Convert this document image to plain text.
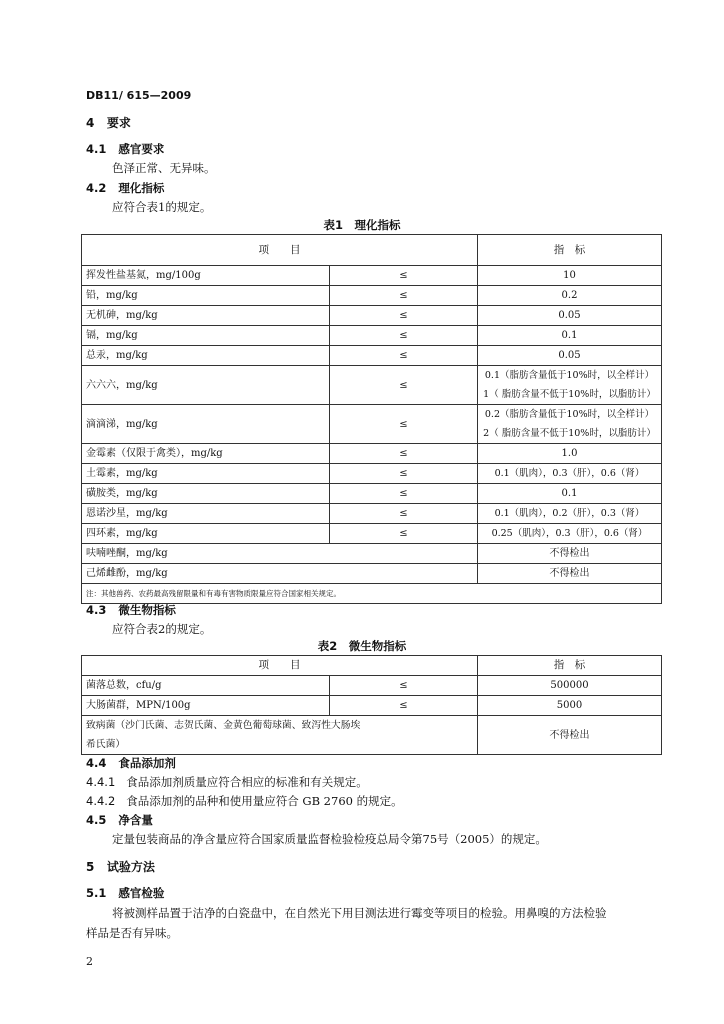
DB11/ 615—2009
4 要求
4.1 感官要求
色泽正常、无异味。
4.2 理化指标
应符合表1的规定。
表1　理化指标
项　　目		指　标
挥发性盐基氮，mg/100g	≤	10
铅，mg/kg	≤	0.2
无机砷，mg/kg	≤	0.05
镉，mg/kg	≤	0.1
总汞，mg/kg	≤	0.05
六六六，mg/kg	≤	0.1（脂肪含量低于10%时，以全样计）
1（ 脂肪含量不低于10%时，以脂肪计）

滴滴涕，mg/kg	≤	0.2（脂肪含量低于10%时，以全样计）
2（ 脂肪含量不低于10%时，以脂肪计）

金霉素（仅限于禽类），mg/kg	≤	1.0
土霉素，mg/kg	≤	0.1（肌肉），0.3（肝），0.6（肾）
磺胺类，mg/kg	≤	0.1
恩诺沙星，mg/kg	≤	0.1（肌肉），0.2（肝），0.3（肾）
四环素，mg/kg	≤	0.25（肌肉），0.3（肝），0.6（肾）
呋喃唑酮，mg/kg		不得检出
己烯雌酚，mg/kg		不得检出
注：其他兽药、农药最高残留限量和有毒有害物质限量应符合国家相关规定。		
4.3 微生物指标
应符合表2的规定。
表2　微生物指标
项　　目		指　标
菌落总数，cfu/g	≤	500000
大肠菌群，MPN/100g	≤	5000

致病菌（沙门氏菌、志贺氏菌、金黄色葡萄球菌、致泻性大肠埃
希氏菌）		不得检出
4.4 食品添加剂
4.4.1 食品添加剂质量应符合相应的标准和有关规定。
4.4.2 食品添加剂的品种和使用量应符合 GB 2760 的规定。
4.5 净含量
定量包装商品的净含量应符合国家质量监督检验检疫总局令第75号（2005）的规定。
5 试验方法
5.1 感官检验
将被测样品置于洁净的白瓷盘中，在自然光下用目测法进行霉变等项目的检验。用鼻嗅的方法检验
样品是否有异味。
2
